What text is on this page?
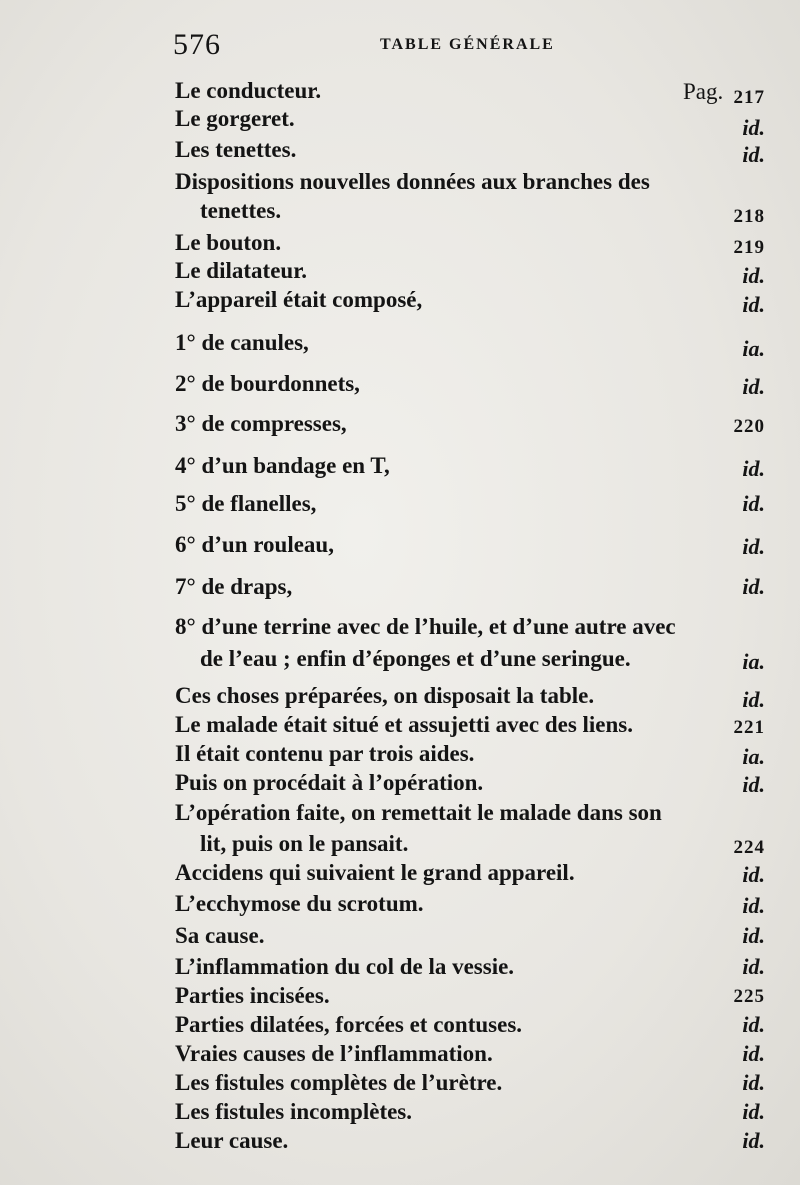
576	TABLE GÉNÉRALE
Pag.
Le conducteur.	217
Le gorgeret.	id.
Les tenettes.	id.
Dispositions nouvelles données aux branches des
tenettes.	218
Le bouton.	219
Le dilatateur.	id.
L’appareil était composé,	id.
1° de canules,	ia.
2° de bourdonnets,	id.
3° de compresses,	220
4° d’un bandage en T,	id.
5° de flanelles,	id.
6° d’un rouleau,	id.
7° de draps,	id.
8° d’une terrine avec de l’huile, et d’une autre avec
de l’eau ; enfin d’éponges et d’une seringue.	ia.
Ces choses préparées, on disposait la table.	id.
Le malade était situé et assujetti avec des liens.	221
Il était contenu par trois aides.	ia.
Puis on procédait à l’opération.	id.
L’opération faite, on remettait le malade dans son
lit, puis on le pansait.	224
Accidens qui suivaient le grand appareil.	id.
L’ecchymose du scrotum.	id.
Sa cause.	id.
L’inflammation du col de la vessie.	id.
Parties incisées.	225
Parties dilatées, forcées et contuses.	id.
Vraies causes de l’inflammation.	id.
Les fistules complètes de l’urètre.	id.
Les fistules incomplètes.	id.
Leur cause.	id.
